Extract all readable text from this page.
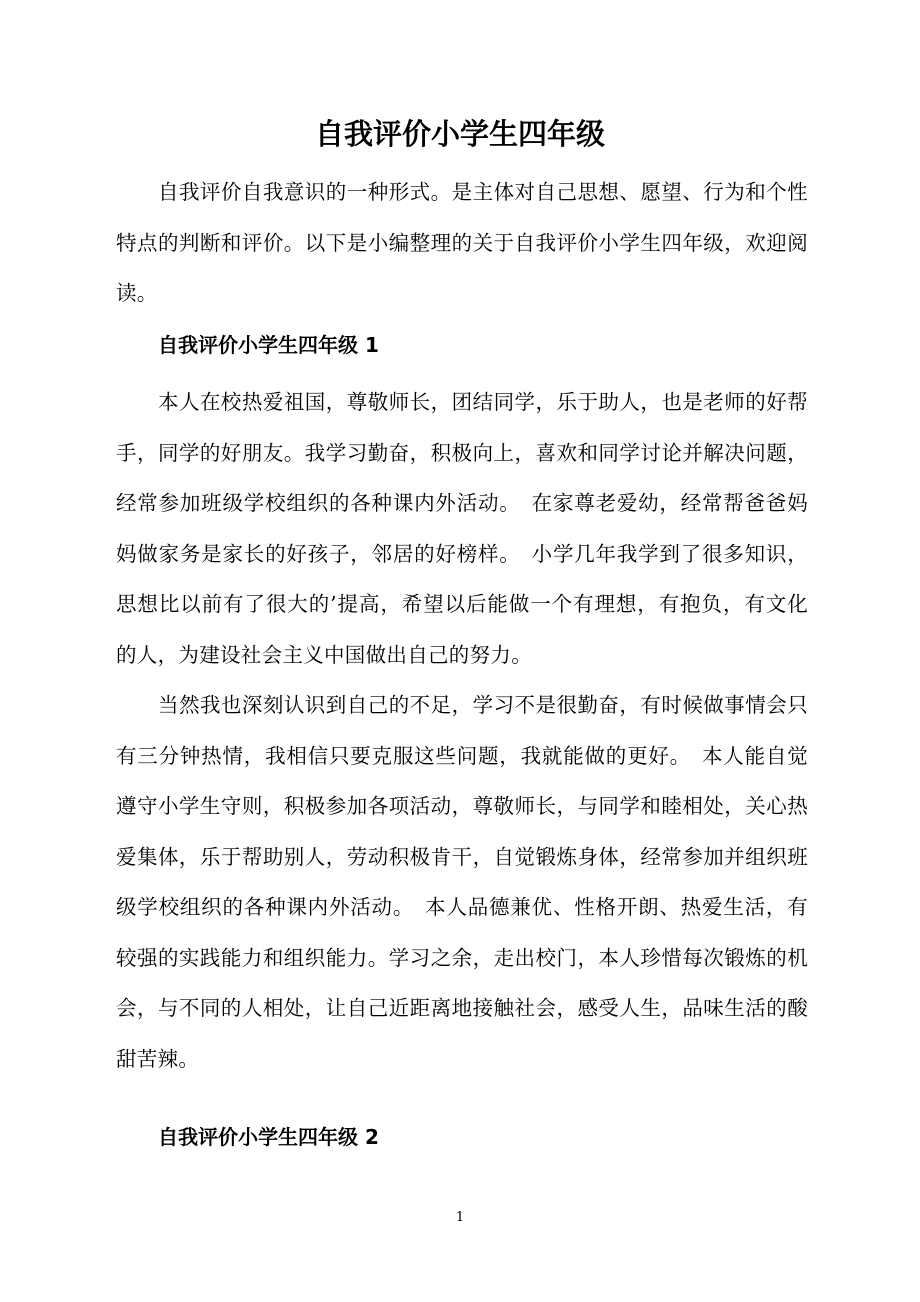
自我评价小学生四年级

自我评价自我意识的一种形式。是主体对自己思想、愿望、行为和个性特点的判断和评价。以下是小编整理的关于自我评价小学生四年级，欢迎阅读。

自我评价小学生四年级 1

本人在校热爱祖国，尊敬师长，团结同学，乐于助人，也是老师的好帮手，同学的好朋友。我学习勤奋，积极向上，喜欢和同学讨论并解决问题，经常参加班级学校组织的各种课内外活动。　在家尊老爱幼，经常帮爸爸妈妈做家务是家长的好孩子，邻居的好榜样。　小学几年我学到了很多知识，思想比以前有了很大的’提高，希望以后能做一个有理想，有抱负，有文化的人，为建设社会主义中国做出自己的努力。

当然我也深刻认识到自己的不足，学习不是很勤奋，有时候做事情会只有三分钟热情，我相信只要克服这些问题，我就能做的更好。　本人能自觉遵守小学生守则，积极参加各项活动，尊敬师长，与同学和睦相处，关心热爱集体，乐于帮助别人，劳动积极肯干，自觉锻炼身体，经常参加并组织班级学校组织的各种课内外活动。　本人品德兼优、性格开朗、热爱生活，有较强的实践能力和组织能力。学习之余，走出校门，本人珍惜每次锻炼的机会，与不同的人相处，让自己近距离地接触社会，感受人生，品味生活的酸甜苦辣。

自我评价小学生四年级 2
1
